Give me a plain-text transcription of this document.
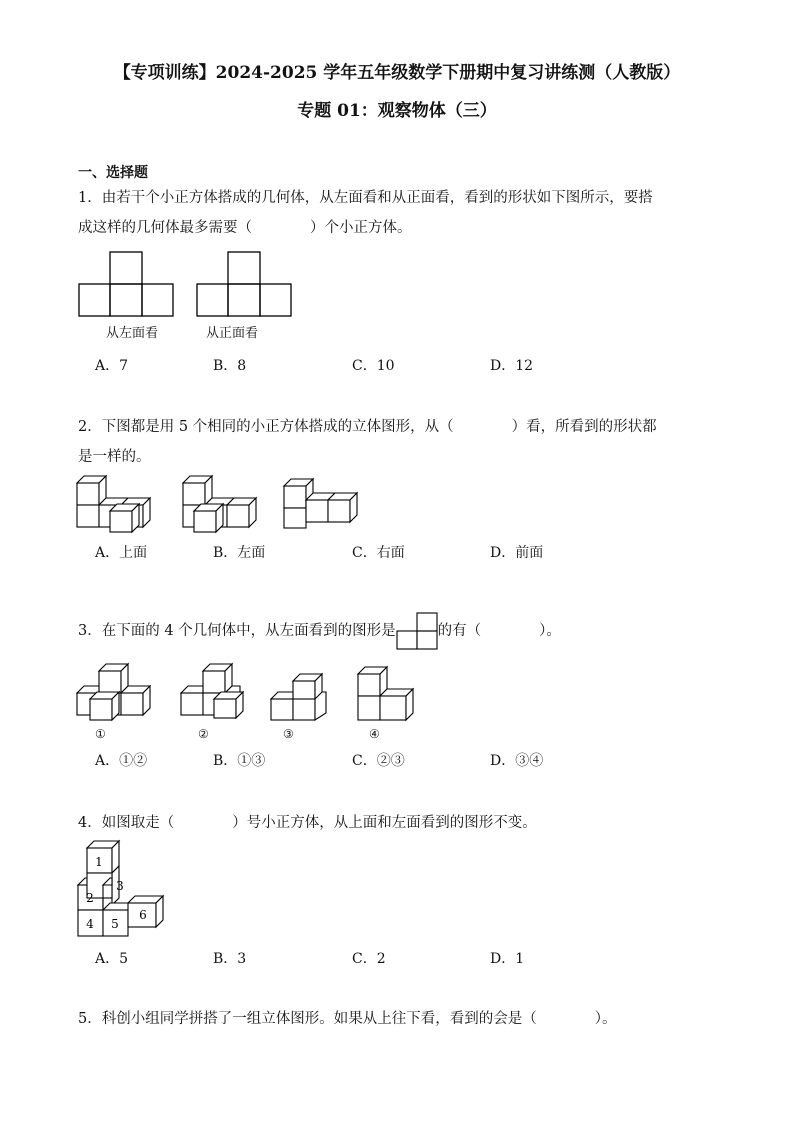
【专项训练】2024-2025 学年五年级数学下册期中复习讲练测（人教版）
专题 01：观察物体（三）
一、选择题
1．由若干个小正方体搭成的几何体，从左面看和从正面看，看到的形状如下图所示，要搭
成这样的几何体最多需要（　　　　）个小正方体。
从左面看	从正面看
A．7	B．8	C．10	D．12
2．下图都是用 5 个相同的小正方体搭成的立体图形，从（　　　　）看，所看到的形状都
是一样的。
A．上面	B．左面	C．右面	D．前面
3．在下面的 4 个几何体中，从左面看到的图形是	的有（　　　　）。
①	②	③	④
A．①②	B．①③	C．②③	D．③④
4．如图取走（　　　　）号小正方体，从上面和左面看到的图形不变。
1
2
3
4 5
6
A．5	B．3	C．2	D．1
5．科创小组同学拼搭了一组立体图形。如果从上往下看，看到的会是（　　　　）。
